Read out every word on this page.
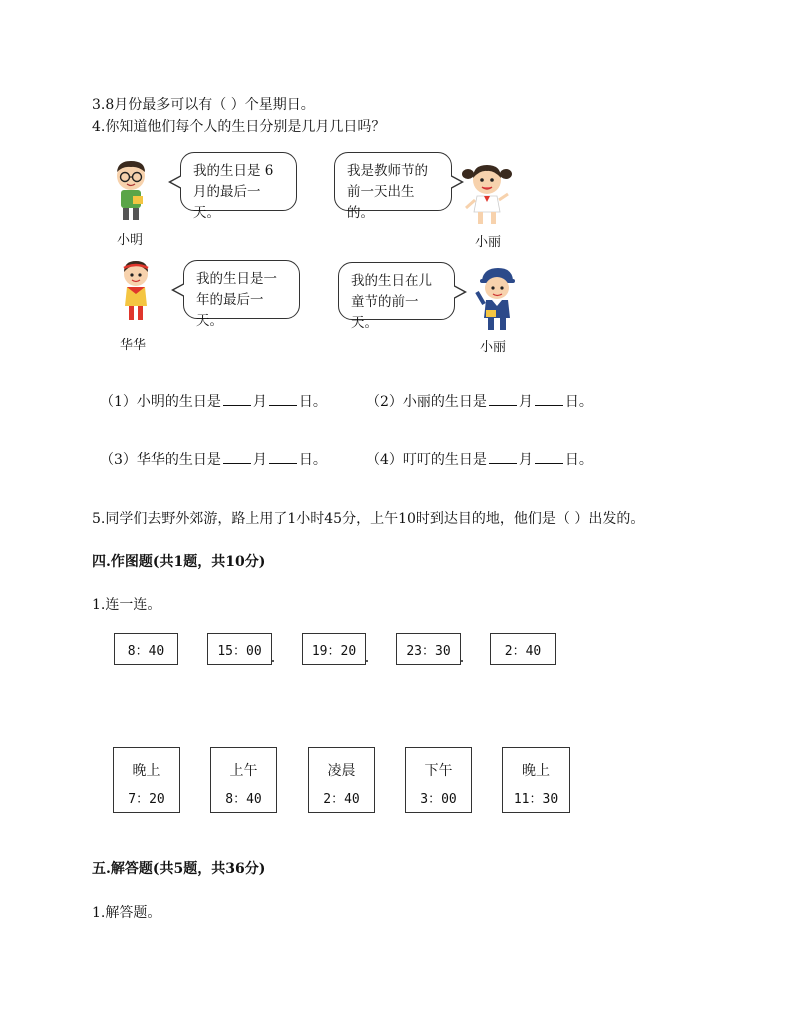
3.8月份最多可以有（ ）个星期日。
4.你知道他们每个人的生日分别是几月几日吗？
小明
我的生日是 6
月的最后一天。
我是教师节的
前一天出生的。
小丽
华华
我的生日是一
年的最后一天。
我的生日在儿
童节的前一天。
小丽
（1）小明的生日是 月 日。	（2）小丽的生日是 月 日。
（3）华华的生日是 月 日。	（4）叮叮的生日是 月 日。
5.同学们去野外郊游，路上用了1小时45分，上午10时到达目的地，他们是（ ）出发的。
四.作图题(共1题，共10分)
1.连一连。
8：40	15：00	19：20	23：30	2：40
晚上
7：20
上午
8：40
凌晨
2：40
下午
3：00
晚上
11：30
五.解答题(共5题，共36分)
1.解答题。
